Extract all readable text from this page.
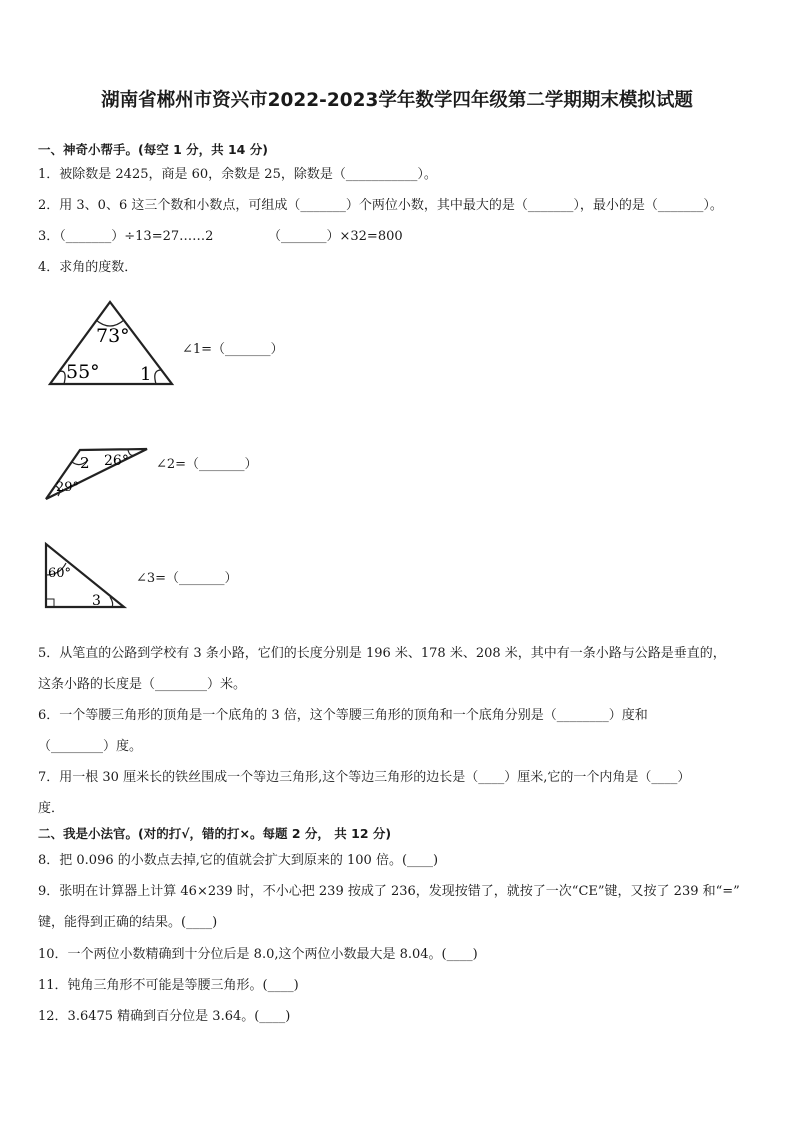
湖南省郴州市资兴市2022-2023学年数学四年级第二学期期末模拟试题
一、神奇小帮手。(每空 1 分，共 14 分)
1．被除数是 2425，商是 60，余数是 25，除数是（___________）。
2．用 3、0、6 这三个数和小数点，可组成（_______）个两位小数，其中最大的是（_______），最小的是（_______）。
3．（_______）÷13=27……2	（_______）×32=800
4．求角的度数．
73°
55° 1
∠1=（_______）
2 26°
29°
∠2=（_______）
60°
3
∠3=（_______）
5．从笔直的公路到学校有 3 条小路，它们的长度分别是 196 米、178 米、208 米，其中有一条小路与公路是垂直的，
这条小路的长度是（________）米。
6．一个等腰三角形的顶角是一个底角的 3 倍，这个等腰三角形的顶角和一个底角分别是（________）度和
（________）度。
7．用一根 30 厘米长的铁丝围成一个等边三角形,这个等边三角形的边长是（____）厘米,它的一个内角是（____）
度．
二、我是小法官。(对的打√，错的打×。每题 2 分， 共 12 分)
8．把 0.096 的小数点去掉,它的值就会扩大到原来的 100 倍。(____)
9．张明在计算器上计算 46×239 时，不小心把 239 按成了 236，发现按错了，就按了一次“CE”键，又按了 239 和“=”
键，能得到正确的结果。(____)
10．一个两位小数精确到十分位后是 8.0,这个两位小数最大是 8.04。(____)
11．钝角三角形不可能是等腰三角形。(____)
12．3.6475 精确到百分位是 3.64。(____)
